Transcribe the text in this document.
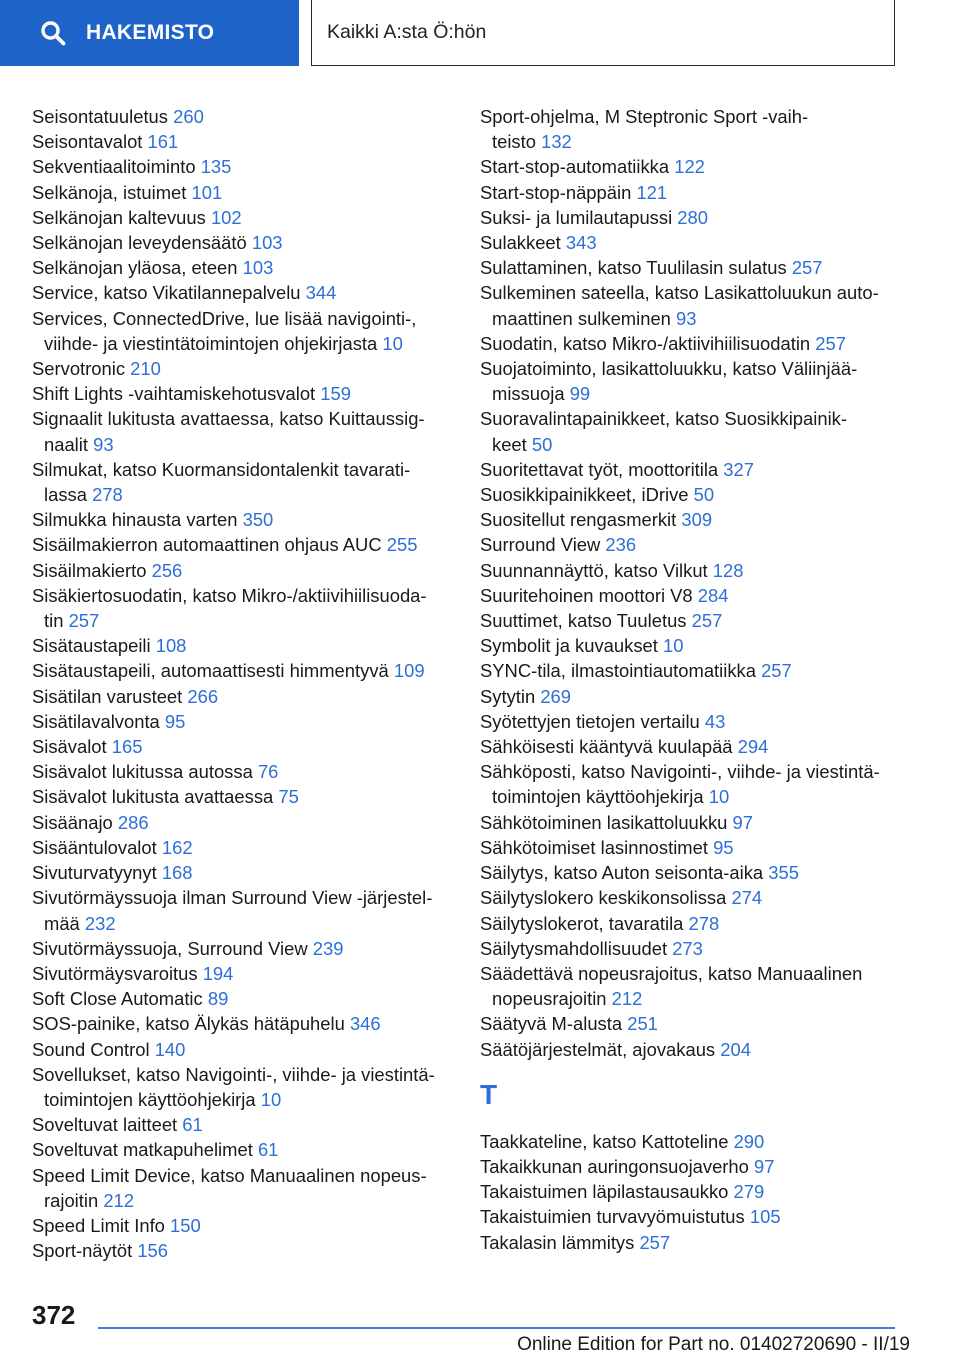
HAKEMISTO	Kaikki A:sta Ö:hön
Seisontatuuletus 260
Seisontavalot 161
Sekventiaalitoiminto 135
Selkänoja, istuimet 101
Selkänojan kaltevuus 102
Selkänojan leveydensäätö 103
Selkänojan yläosa, eteen 103
Service, katso Vikatilannepalvelu 344
Services, ConnectedDrive, lue lisää navigointi-,
viihde- ja viestintätoimintojen ohjekirjasta 10
Servotronic 210
Shift Lights -vaihtamiskehotusvalot 159
Signaalit lukitusta avattaessa, katso Kuittaussig-
naalit 93
Silmukat, katso Kuormansidontalenkit tavarati-
lassa 278
Silmukka hinausta varten 350
Sisäilmakierron automaattinen ohjaus AUC 255
Sisäilmakierto 256
Sisäkiertosuodatin, katso Mikro-/aktiivihiilisuoda-
tin 257
Sisätaustapeili 108
Sisätaustapeili, automaattisesti himmentyvä 109
Sisätilan varusteet 266
Sisätilavalvonta 95
Sisävalot 165
Sisävalot lukitussa autossa 76
Sisävalot lukitusta avattaessa 75
Sisäänajo 286
Sisääntulovalot 162
Sivuturvatyynyt 168
Sivutörmäyssuoja ilman Surround View -järjestel-
mää 232
Sivutörmäyssuoja, Surround View 239
Sivutörmäysvaroitus 194
Soft Close Automatic 89
SOS-painike, katso Älykäs hätäpuhelu 346
Sound Control 140
Sovellukset, katso Navigointi-, viihde- ja viestintä-
toimintojen käyttöohjekirja 10
Soveltuvat laitteet 61
Soveltuvat matkapuhelimet 61
Speed Limit Device, katso Manuaalinen nopeus-
rajoitin 212
Speed Limit Info 150
Sport-näytöt 156
Sport-ohjelma, M Steptronic Sport -vaih-
teisto 132
Start-stop-automatiikka 122
Start-stop-näppäin 121
Suksi- ja lumilautapussi 280
Sulakkeet 343
Sulattaminen, katso Tuulilasin sulatus 257
Sulkeminen sateella, katso Lasikattoluukun auto-
maattinen sulkeminen 93
Suodatin, katso Mikro-/aktiivihiilisuodatin 257
Suojatoiminto, lasikattoluukku, katso Väliinjää-
missuoja 99
Suoravalintapainikkeet, katso Suosikkipainik-
keet 50
Suoritettavat työt, moottoritila 327
Suosikkipainikkeet, iDrive 50
Suositellut rengasmerkit 309
Surround View 236
Suunnannäyttö, katso Vilkut 128
Suuritehoinen moottori V8 284
Suuttimet, katso Tuuletus 257
Symbolit ja kuvaukset 10
SYNC-tila, ilmastointiautomatiikka 257
Sytytin 269
Syötettyjen tietojen vertailu 43
Sähköisesti kääntyvä kuulapää 294
Sähköposti, katso Navigointi-, viihde- ja viestintä-
toimintojen käyttöohjekirja 10
Sähkötoiminen lasikattoluukku 97
Sähkötoimiset lasinnostimet 95
Säilytys, katso Auton seisonta-aika 355
Säilytyslokero keskikonsolissa 274
Säilytyslokerot, tavaratila 278
Säilytysmahdollisuudet 273
Säädettävä nopeusrajoitus, katso Manuaalinen
nopeusrajoitin 212
Säätyvä M-alusta 251
Säätöjärjestelmät, ajovakaus 204
T
Taakkateline, katso Kattoteline 290
Takaikkunan auringonsuojaverho 97
Takaistuimen läpilastausaukko 279
Takaistuimien turvavyömuistutus 105
Takalasin lämmitys 257
372
Online Edition for Part no. 01402720690 - II/19
